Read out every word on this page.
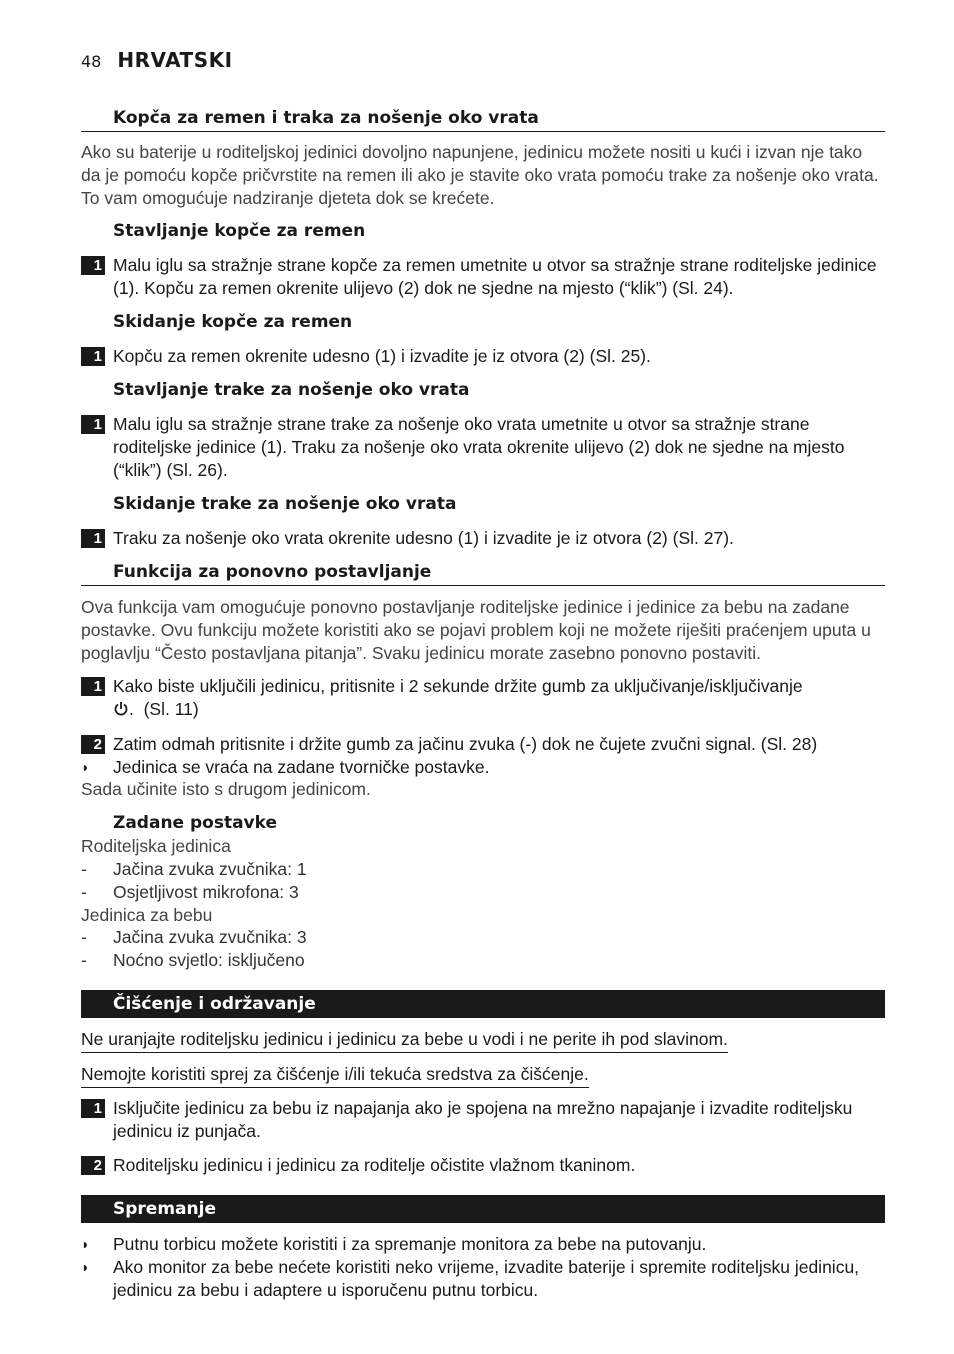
48 HRVATSKI
Kopča za remen i traka za nošenje oko vrata
Ako su baterije u roditeljskoj jedinici dovoljno napunjene, jedinicu možete nositi u kući i izvan nje tako da je pomoću kopče pričvrstite na remen ili ako je stavite oko vrata pomoću trake za nošenje oko vrata. To vam omogućuje nadziranje djeteta dok se krećete.
Stavljanje kopče za remen
1 Malu iglu sa stražnje strane kopče za remen umetnite u otvor sa stražnje strane roditeljske jedinice (1). Kopču za remen okrenite ulijevo (2) dok ne sjedne na mjesto (“klik”) (Sl. 24).
Skidanje kopče za remen
1 Kopču za remen okrenite udesno (1) i izvadite je iz otvora (2) (Sl. 25).
Stavljanje trake za nošenje oko vrata
1 Malu iglu sa stražnje strane trake za nošenje oko vrata umetnite u otvor sa stražnje strane roditeljske jedinice (1). Traku za nošenje oko vrata okrenite ulijevo (2) dok ne sjedne na mjesto (“klik”) (Sl. 26).
Skidanje trake za nošenje oko vrata
1 Traku za nošenje oko vrata okrenite udesno (1) i izvadite je iz otvora (2) (Sl. 27).
Funkcija za ponovno postavljanje
Ova funkcija vam omogućuje ponovno postavljanje roditeljske jedinice i jedinice za bebu na zadane postavke. Ovu funkciju možete koristiti ako se pojavi problem koji ne možete riješiti praćenjem uputa u poglavlju “Često postavljana pitanja”. Svaku jedinicu morate zasebno ponovno postaviti.
1 Kako biste uključili jedinicu, pritisnite i 2 sekunde držite gumb za uključivanje/isključivanje
.  (Sl. 11)
2 Zatim odmah pritisnite i držite gumb za jačinu zvuka (-) dok ne čujete zvučni signal. (Sl. 28)
◗	Jedinica se vraća na zadane tvorničke postavke.
Sada učinite isto s drugom jedinicom.
Zadane postavke
Roditeljska jedinica
-	Jačina zvuka zvučnika: 1
-	Osjetljivost mikrofona: 3
Jedinica za bebu
-	Jačina zvuka zvučnika: 3
-	Noćno svjetlo: isključeno
Čišćenje i održavanje
Ne uranjajte roditeljsku jedinicu i jedinicu za bebe u vodi i ne perite ih pod slavinom.
Nemojte koristiti sprej za čišćenje i/ili tekuća sredstva za čišćenje.
1 Isključite jedinicu za bebu iz napajanja ako je spojena na mrežno napajanje i izvadite roditeljsku jedinicu iz punjača.
2 Roditeljsku jedinicu i jedinicu za roditelje očistite vlažnom tkaninom.
Spremanje
◗	Putnu torbicu možete koristiti i za spremanje monitora za bebe na putovanju.
◗	Ako monitor za bebe nećete koristiti neko vrijeme, izvadite baterije i spremite roditeljsku jedinicu, jedinicu za bebu i adaptere u isporučenu putnu torbicu.
